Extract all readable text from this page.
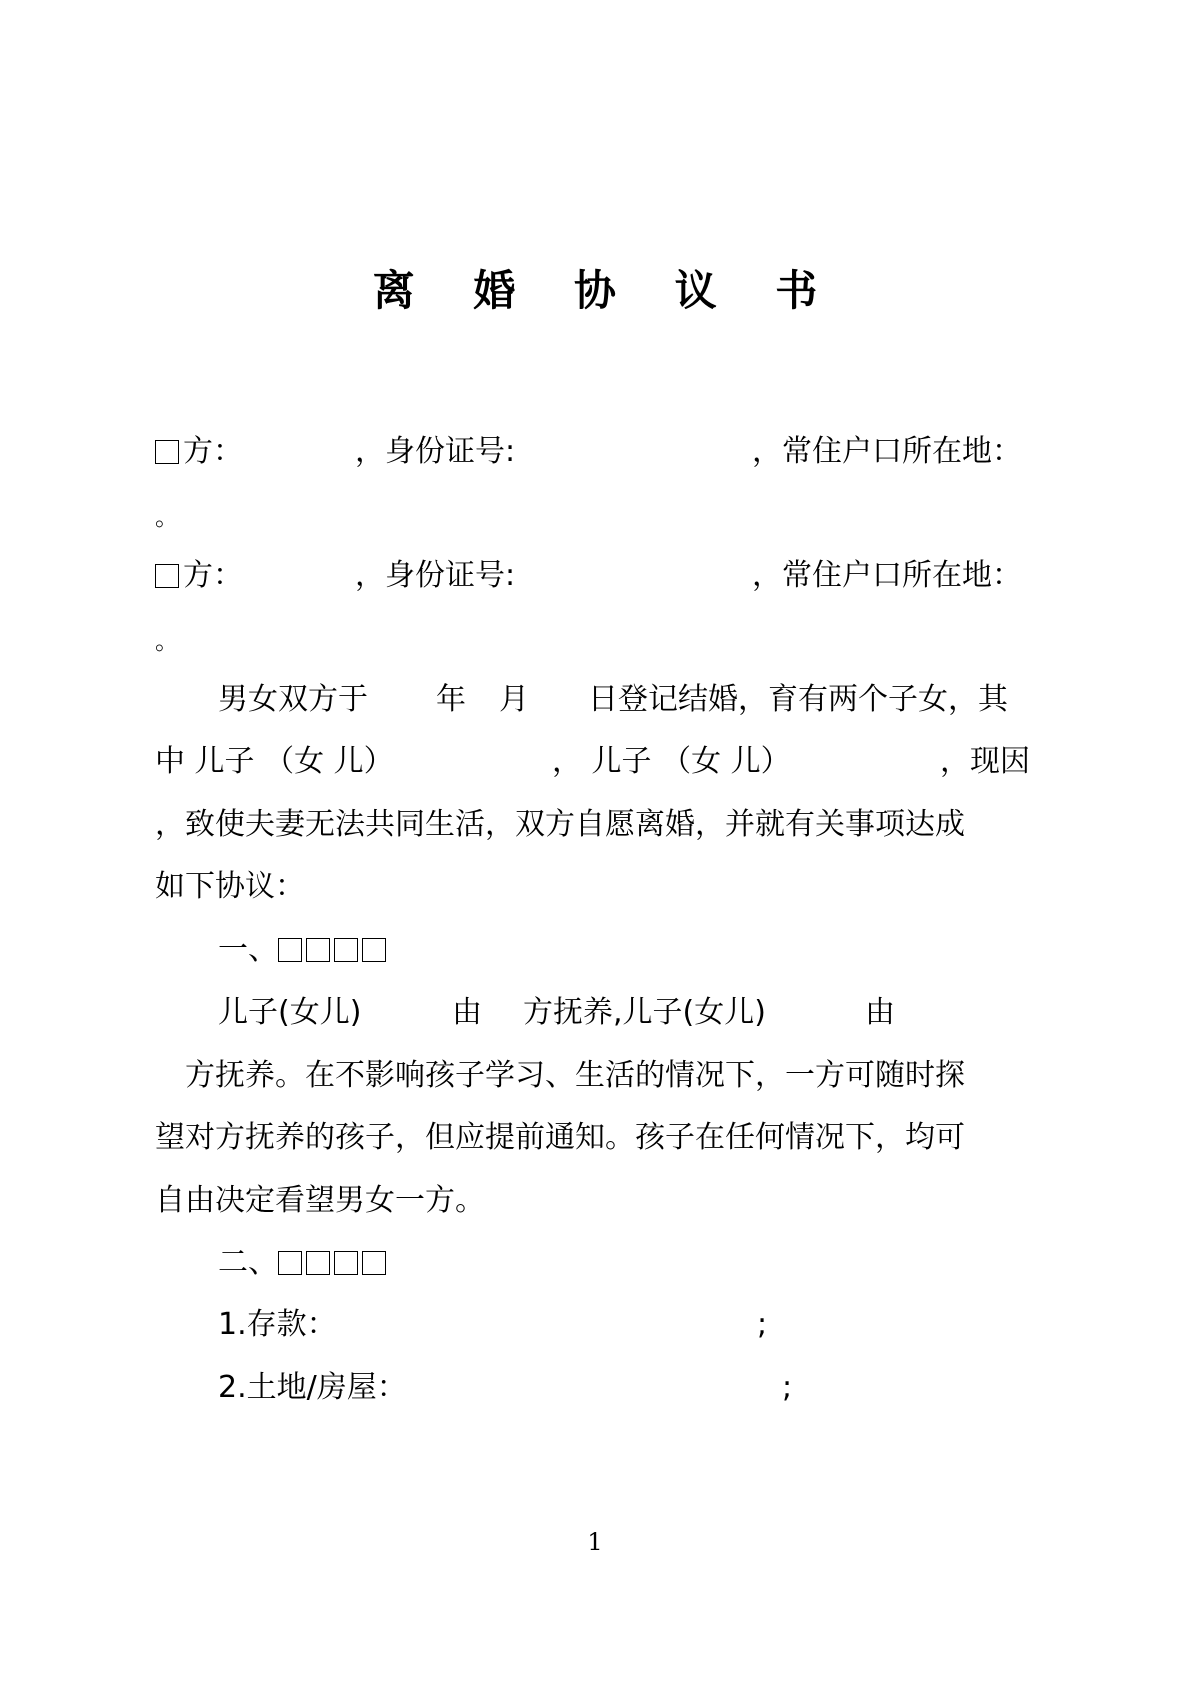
离 婚 协 议 书
方：	，身份证号:	，常住户口所在地：
。
方：	，身份证号:	，常住户口所在地：
。
男女双方于 年 月 日登记结婚，育有两个子女，其
中 儿子 （女 儿）	， 儿子 （女 儿）	，现因
，致使夫妻无法共同生活，双方自愿离婚，并就有关事项达成
如下协议：
一、
儿子(女儿)	由 方抚养,儿子(女儿)	由
方抚养。在不影响孩子学习、生活的情况下，一方可随时探
望对方抚养的孩子，但应提前通知。孩子在任何情况下，均可
自由决定看望男女一方。
二、
1.存款：	;
2.土地/房屋：	;
1
